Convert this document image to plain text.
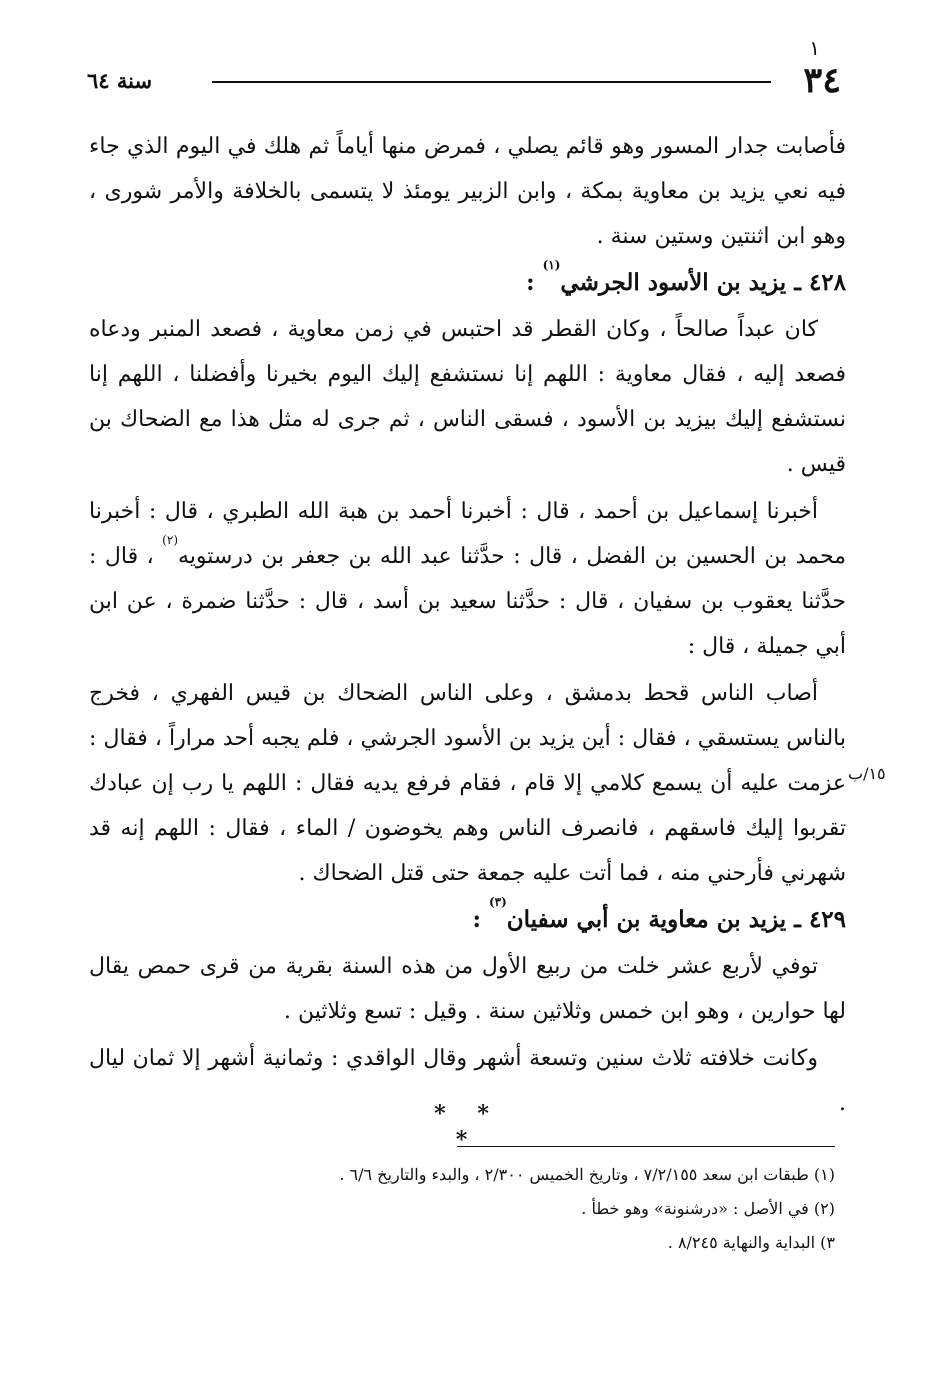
١
٣٤
سنة ٦٤

فأصابت جدار المسور وهو قائم يصلي ، فمرض منها أياماً ثم هلك في اليوم الذي جاء فيه نعي يزيد بن معاوية بمكة ، وابن الزبير يومئذ لا يتسمى بالخلافة والأمر شورى ، وهو ابن اثنتين وستين سنة .

٤٢٨ ـ يزيد بن الأسود الجرشي$^{(١)}$ :

كان عبداً صالحاً ، وكان القطر قد احتبس في زمن معاوية ، فصعد المنبر ودعاه فصعد إليه ، فقال معاوية : اللهم إنا نستشفع إليك اليوم بخيرنا وأفضلنا ، اللهم إنا نستشفع إليك بيزيد بن الأسود ، فسقى الناس ، ثم جرى له مثل هذا مع الضحاك بن قيس .

أخبرنا إسماعيل بن أحمد ، قال : أخبرنا أحمد بن هبة الله الطبري ، قال : أخبرنا محمد بن الحسين بن الفضل ، قال : حدَّثنا عبد الله بن جعفر بن درستويه$^{(٢)}$ ، قال : حدَّثنا يعقوب بن سفيان ، قال : حدَّثنا سعيد بن أسد ، قال : حدَّثنا ضمرة ، عن ابن أبي جميلة ، قال :

أصاب الناس قحط بدمشق ، وعلى الناس الضحاك بن قيس الفهري ، فخرج بالناس يستسقي ، فقال : أين يزيد بن الأسود الجرشي ، فلم يجبه أحد مراراً ، فقال : عزمت عليه أن يسمع كلامي إلا قام ، فقام فرفع يديه فقال : اللهم يا رب إن عبادك تقربوا إليك فاسقهم ، فانصرف الناس وهم يخوضون / الماء ، فقال : اللهم إنه قد شهرني فأرحني منه ، فما أتت عليه جمعة حتى قتل الضحاك .

٤٢٩ ـ يزيد بن معاوية بن أبي سفيان$^{(٣)}$ :

توفي لأربع عشر خلت من ربيع الأول من هذه السنة بقرية من قرى حمص يقال لها حوارين ، وهو ابن خمس وثلاثين سنة . وقيل : تسع وثلاثين .

وكانت خلافته ثلاث سنين وتسعة أشهر وقال الواقدي : وثمانية أشهر إلا ثمان ليال .

١٥/ب
* * *

(١) طبقات ابن سعد ٧/٢/١٥٥ ، وتاريخ الخميس ٢/٣٠٠ ، والبدء والتاريخ ٦/٦ .

(٢) في الأصل : «درشنونة» وهو خطأ .

٣) البداية والنهاية ٨/٢٤٥ .
